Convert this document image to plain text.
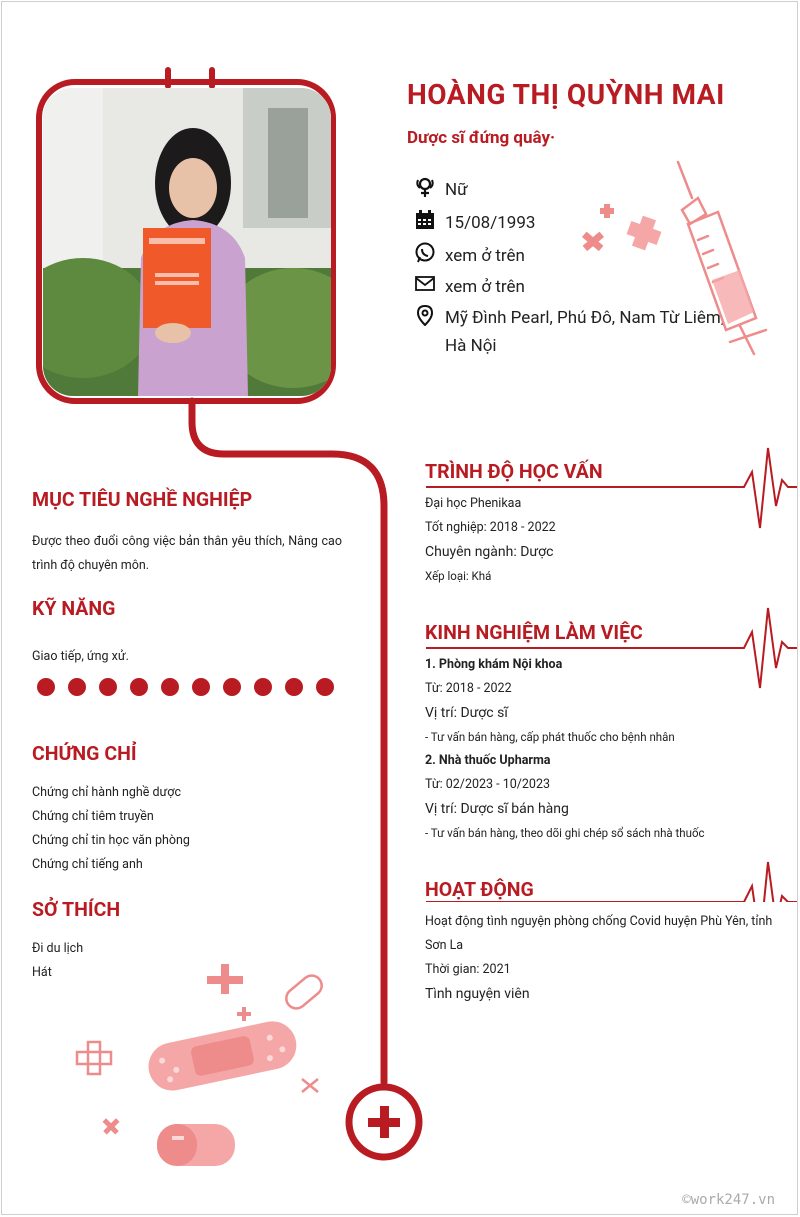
HOÀNG THỊ QUỲNH MAI
Dược sĩ đứng quây·
Nữ
15/08/1993
xem ở trên
xem ở trên
Mỹ Đình Pearl, Phú Đô, Nam Từ Liêm,
Hà Nội
MỤC TIÊU NGHỀ NGHIỆP
Được theo đuổi công việc bản thân yêu thích, Nâng cao trình độ chuyên môn.
KỸ NĂNG
Giao tiếp, ứng xử.
CHỨNG CHỈ
Chứng chỉ hành nghề dược
Chứng chỉ tiêm truyền
Chứng chỉ tin học văn phòng
Chứng chỉ tiếng anh
SỞ THÍCH
Đi du lịch
Hát
TRÌNH ĐỘ HỌC VẤN
Đại học Phenikaa
Tốt nghiệp: 2018 - 2022
Chuyên ngành: Dược
Xếp loại: Khá
KINH NGHIỆM LÀM VIỆC
1. Phòng khám Nội khoa
Từ: 2018 - 2022
Vị trí: Dược sĩ
- Tư vấn bán hàng, cấp phát thuốc cho bệnh nhân
2. Nhà thuốc Upharma
Từ: 02/2023 - 10/2023
Vị trí: Dược sĩ bán hàng
- Tư vấn bán hàng, theo dõi ghi chép sổ sách nhà thuốc
HOẠT ĐỘNG
Hoạt động tình nguyện phòng chống Covid huyện Phù Yên, tỉnh Sơn La
Thời gian: 2021
Tình nguyện viên
©work247.vn
